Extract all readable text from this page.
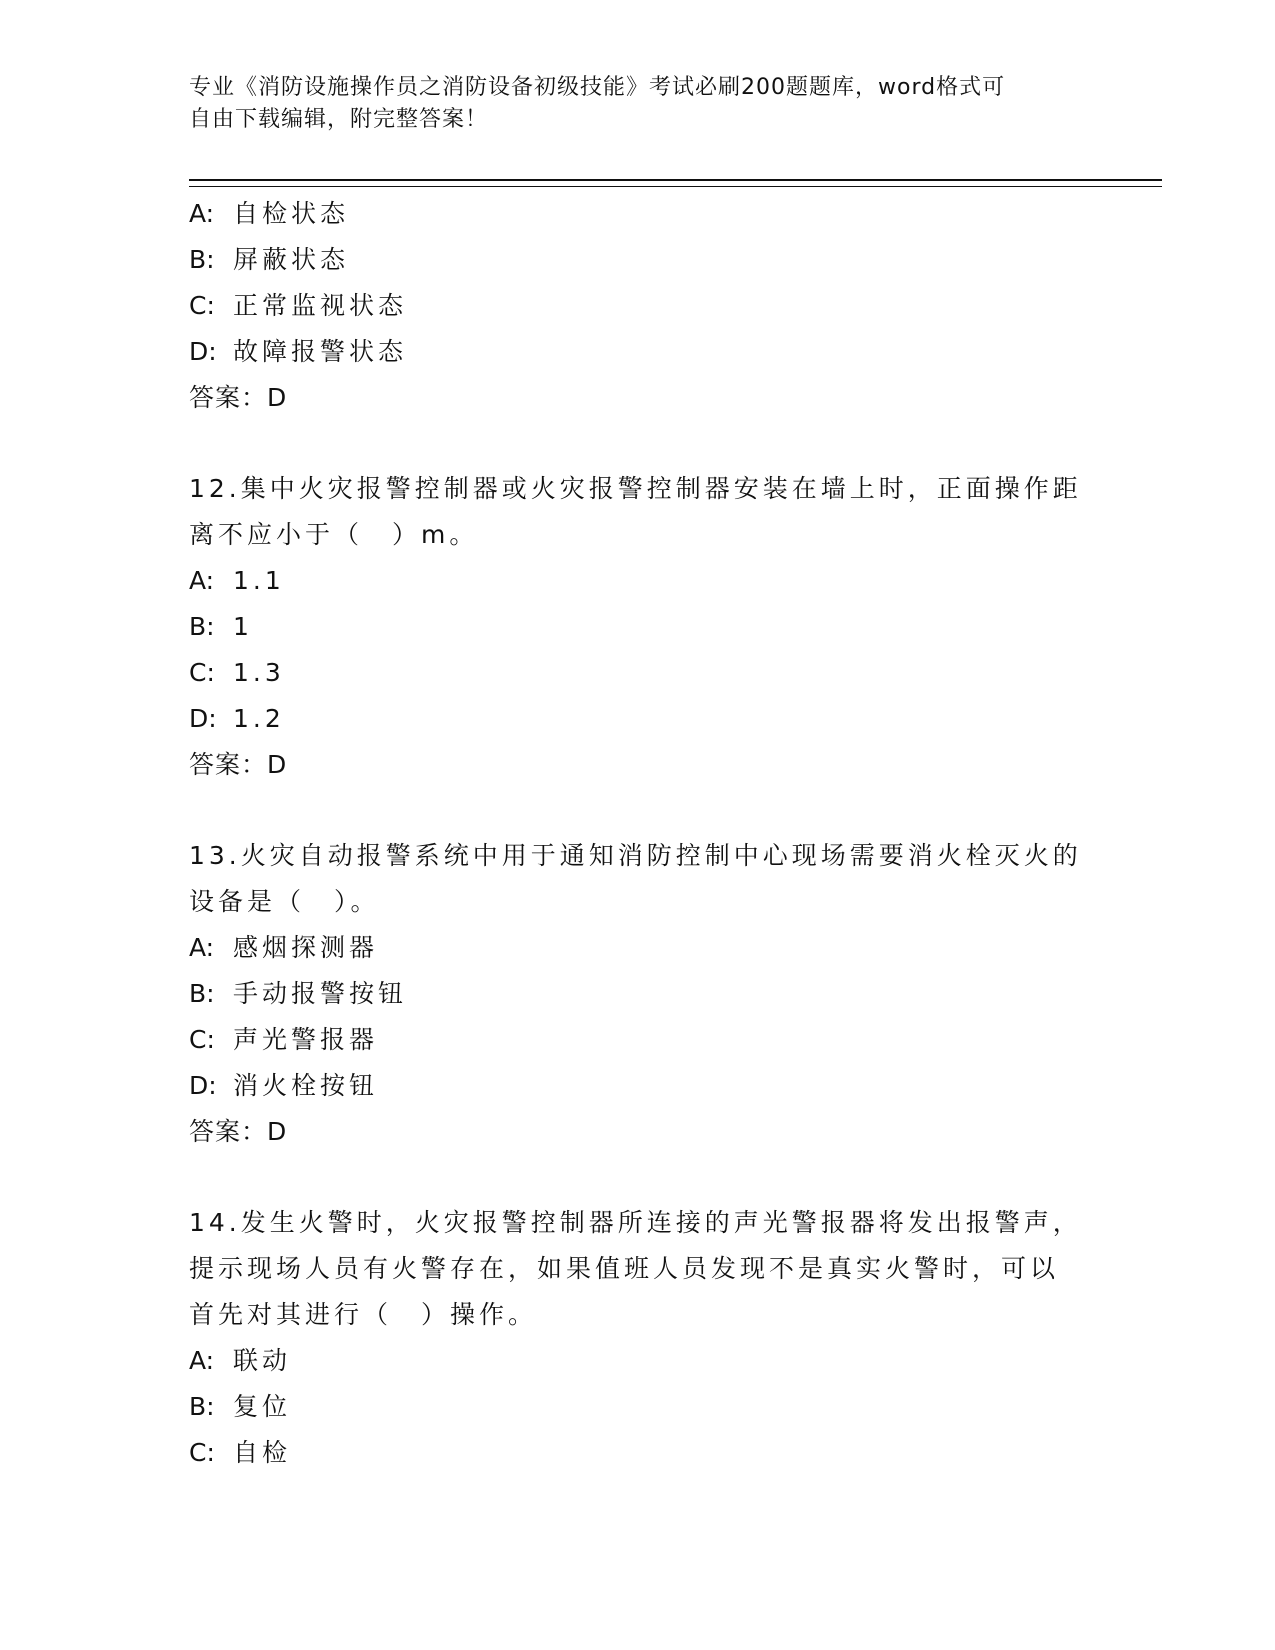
专业《消防设施操作员之消防设备初级技能》考试必刷200题题库，word格式可
自由下载编辑，附完整答案！
A: 自检状态
B: 屏蔽状态
C: 正常监视状态
D: 故障报警状态
答案：D
12.集中火灾报警控制器或火灾报警控制器安装在墙上时，正面操作距
离不应小于（　）m。
A: 1.1
B: 1
C: 1.3
D: 1.2
答案：D
13.火灾自动报警系统中用于通知消防控制中心现场需要消火栓灭火的
设备是（　）。
A: 感烟探测器
B: 手动报警按钮
C: 声光警报器
D: 消火栓按钮
答案：D
14.发生火警时，火灾报警控制器所连接的声光警报器将发出报警声，
提示现场人员有火警存在，如果值班人员发现不是真实火警时，可以
首先对其进行（　）操作。
A: 联动
B: 复位
C: 自检
